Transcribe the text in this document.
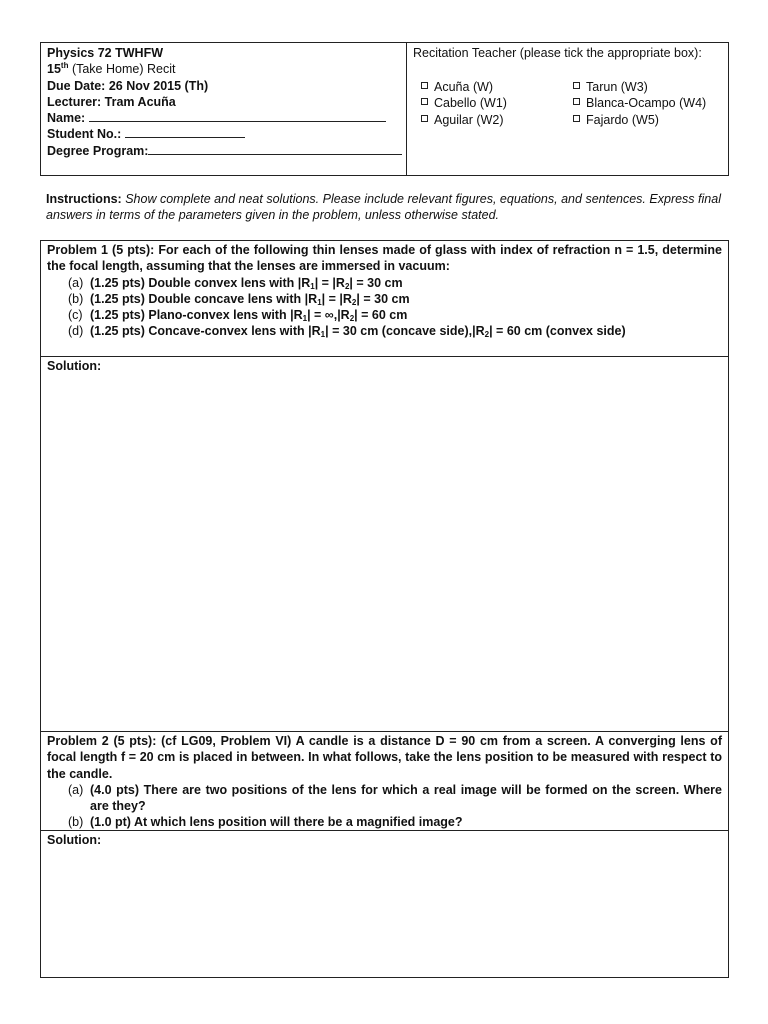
Physics 72 TWHFW
15th (Take Home) Recit
Due Date: 26 Nov 2015 (Th)
Lecturer: Tram Acuña
Name:
Student No.:
Degree Program:
Recitation Teacher (please tick the appropriate box):
Acuña (W)	Tarun (W3)
Cabello (W1)	Blanca-Ocampo (W4)
Aguilar (W2)	Fajardo (W5)
Instructions: Show complete and neat solutions. Please include relevant figures, equations, and sentences. Express final answers in terms of the parameters given in the problem, unless otherwise stated.
Problem 1 (5 pts): For each of the following thin lenses made of glass with index of refraction n = 1.5, determine the focal length, assuming that the lenses are immersed in vacuum:
(a) (1.25 pts) Double convex lens with $|R_1| = |R_2| = 30$ cm
(b) (1.25 pts) Double concave lens with $|R_1| = |R_2| = 30$ cm
(c) (1.25 pts) Plano-convex lens with $|R_1| = \infty,|R_2| = 60$ cm
(d) (1.25 pts) Concave-convex lens with $|R_1| = 30$ cm (concave $side),|R_2| = 60$ cm (convex side)
Solution:
Problem 2 (5 pts): (cf LG09, Problem VI) A candle is a distance D = 90 cm from a screen. A converging lens of focal length f = 20 cm is placed in between. In what follows, take the lens position to be measured with respect to the candle.
(a) (4.0 pts) There are two positions of the lens for which a real image will be formed on the screen. Where are they?
(b) (1.0 pt) At which lens position will there be a magnified image?
Solution:
